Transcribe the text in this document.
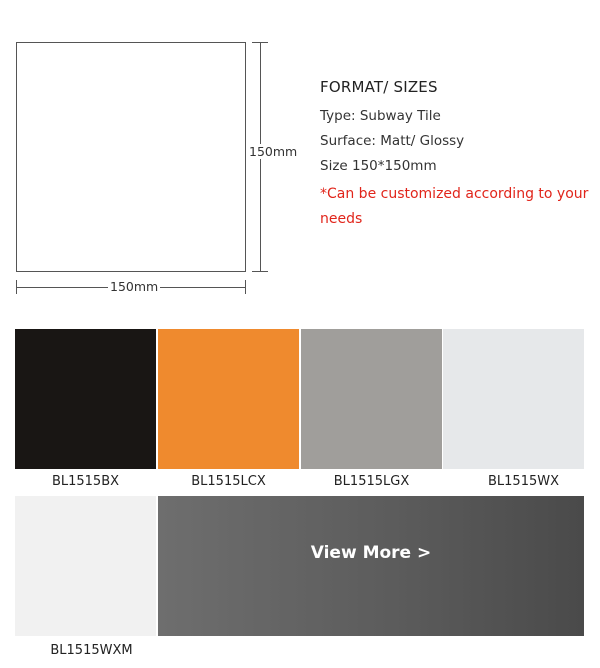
150mm
150mm
FORMAT/ SIZES
Type: Subway Tile
Surface: Matt/ Glossy
Size 150*150mm
*Can be customized according to your needs
BL1515BX	BL1515LCX	BL1515LGX	BL1515WX
BL1515WXM
View More >
